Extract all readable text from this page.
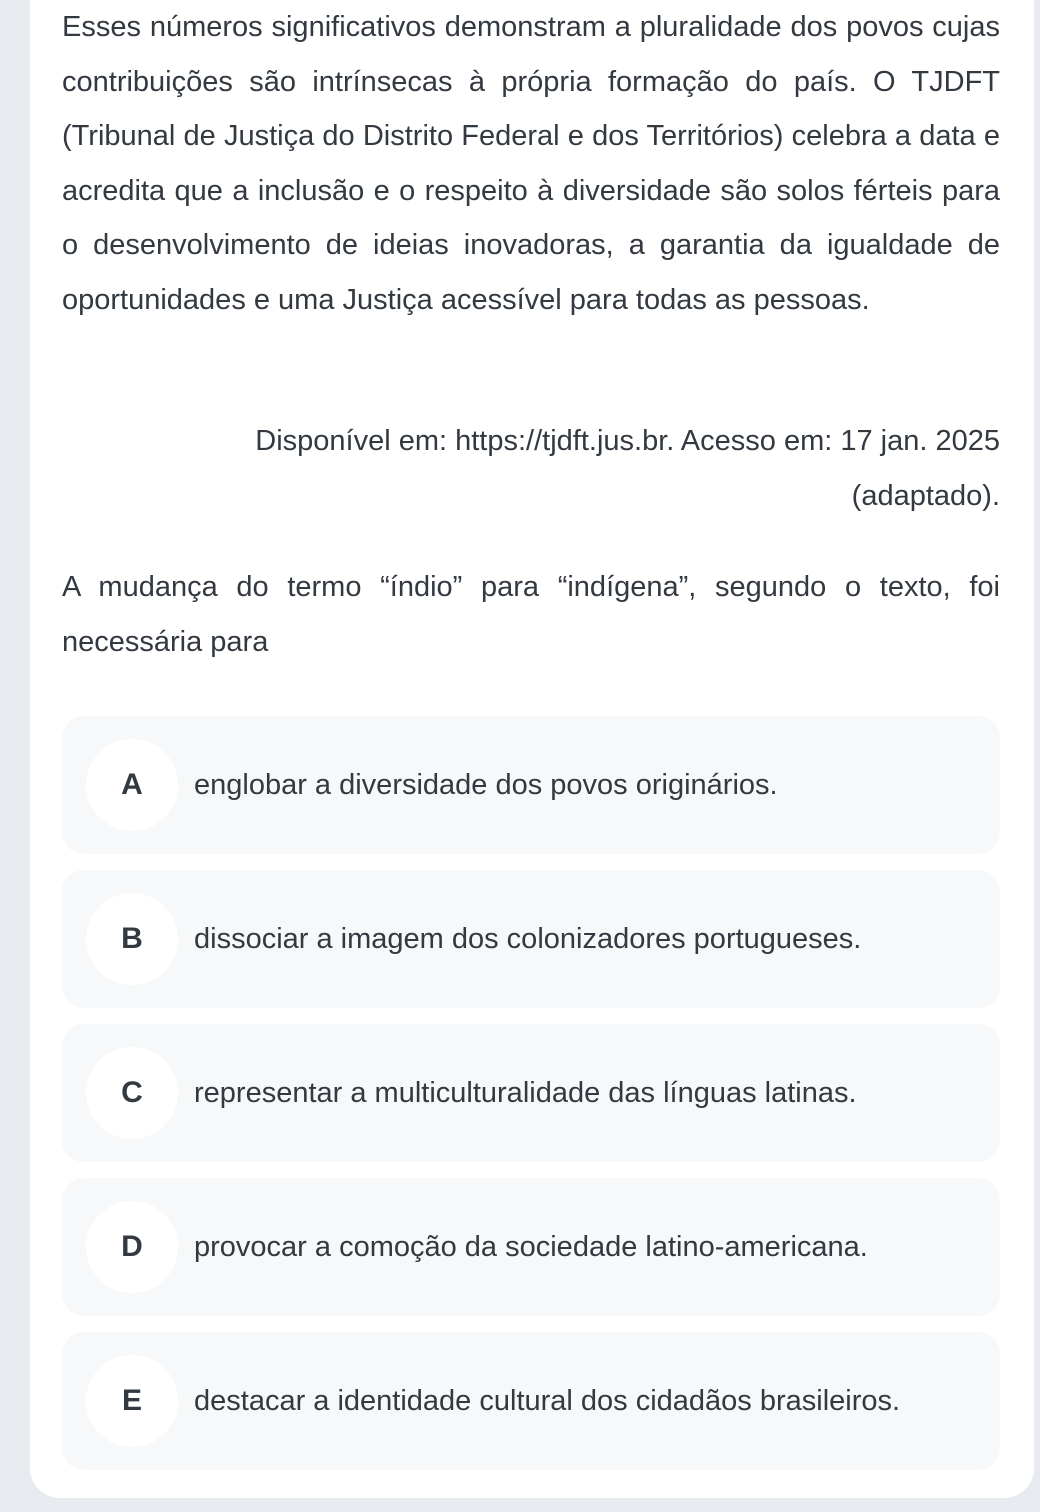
Esses números significativos demonstram a pluralidade dos povos cujas contribuições são intrínsecas à própria formação do país. O TJDFT (Tribunal de Justiça do Distrito Federal e dos Territórios) celebra a data e acredita que a inclusão e o respeito à diversidade são solos férteis para o desenvolvimento de ideias inovadoras, a garantia da igualdade de oportunidades e uma Justiça acessível para todas as pessoas.

Disponível em: https://tjdft.jus.br. Acesso em: 17 jan. 2025
(adaptado).

A mudança do termo “índio” para “indígena”, segundo o texto, foi necessária para

A	englobar a diversidade dos povos originários.
B	dissociar a imagem dos colonizadores portugueses.
C	representar a multiculturalidade das línguas latinas.
D	provocar a comoção da sociedade latino-americana.
E	destacar a identidade cultural dos cidadãos brasileiros.
